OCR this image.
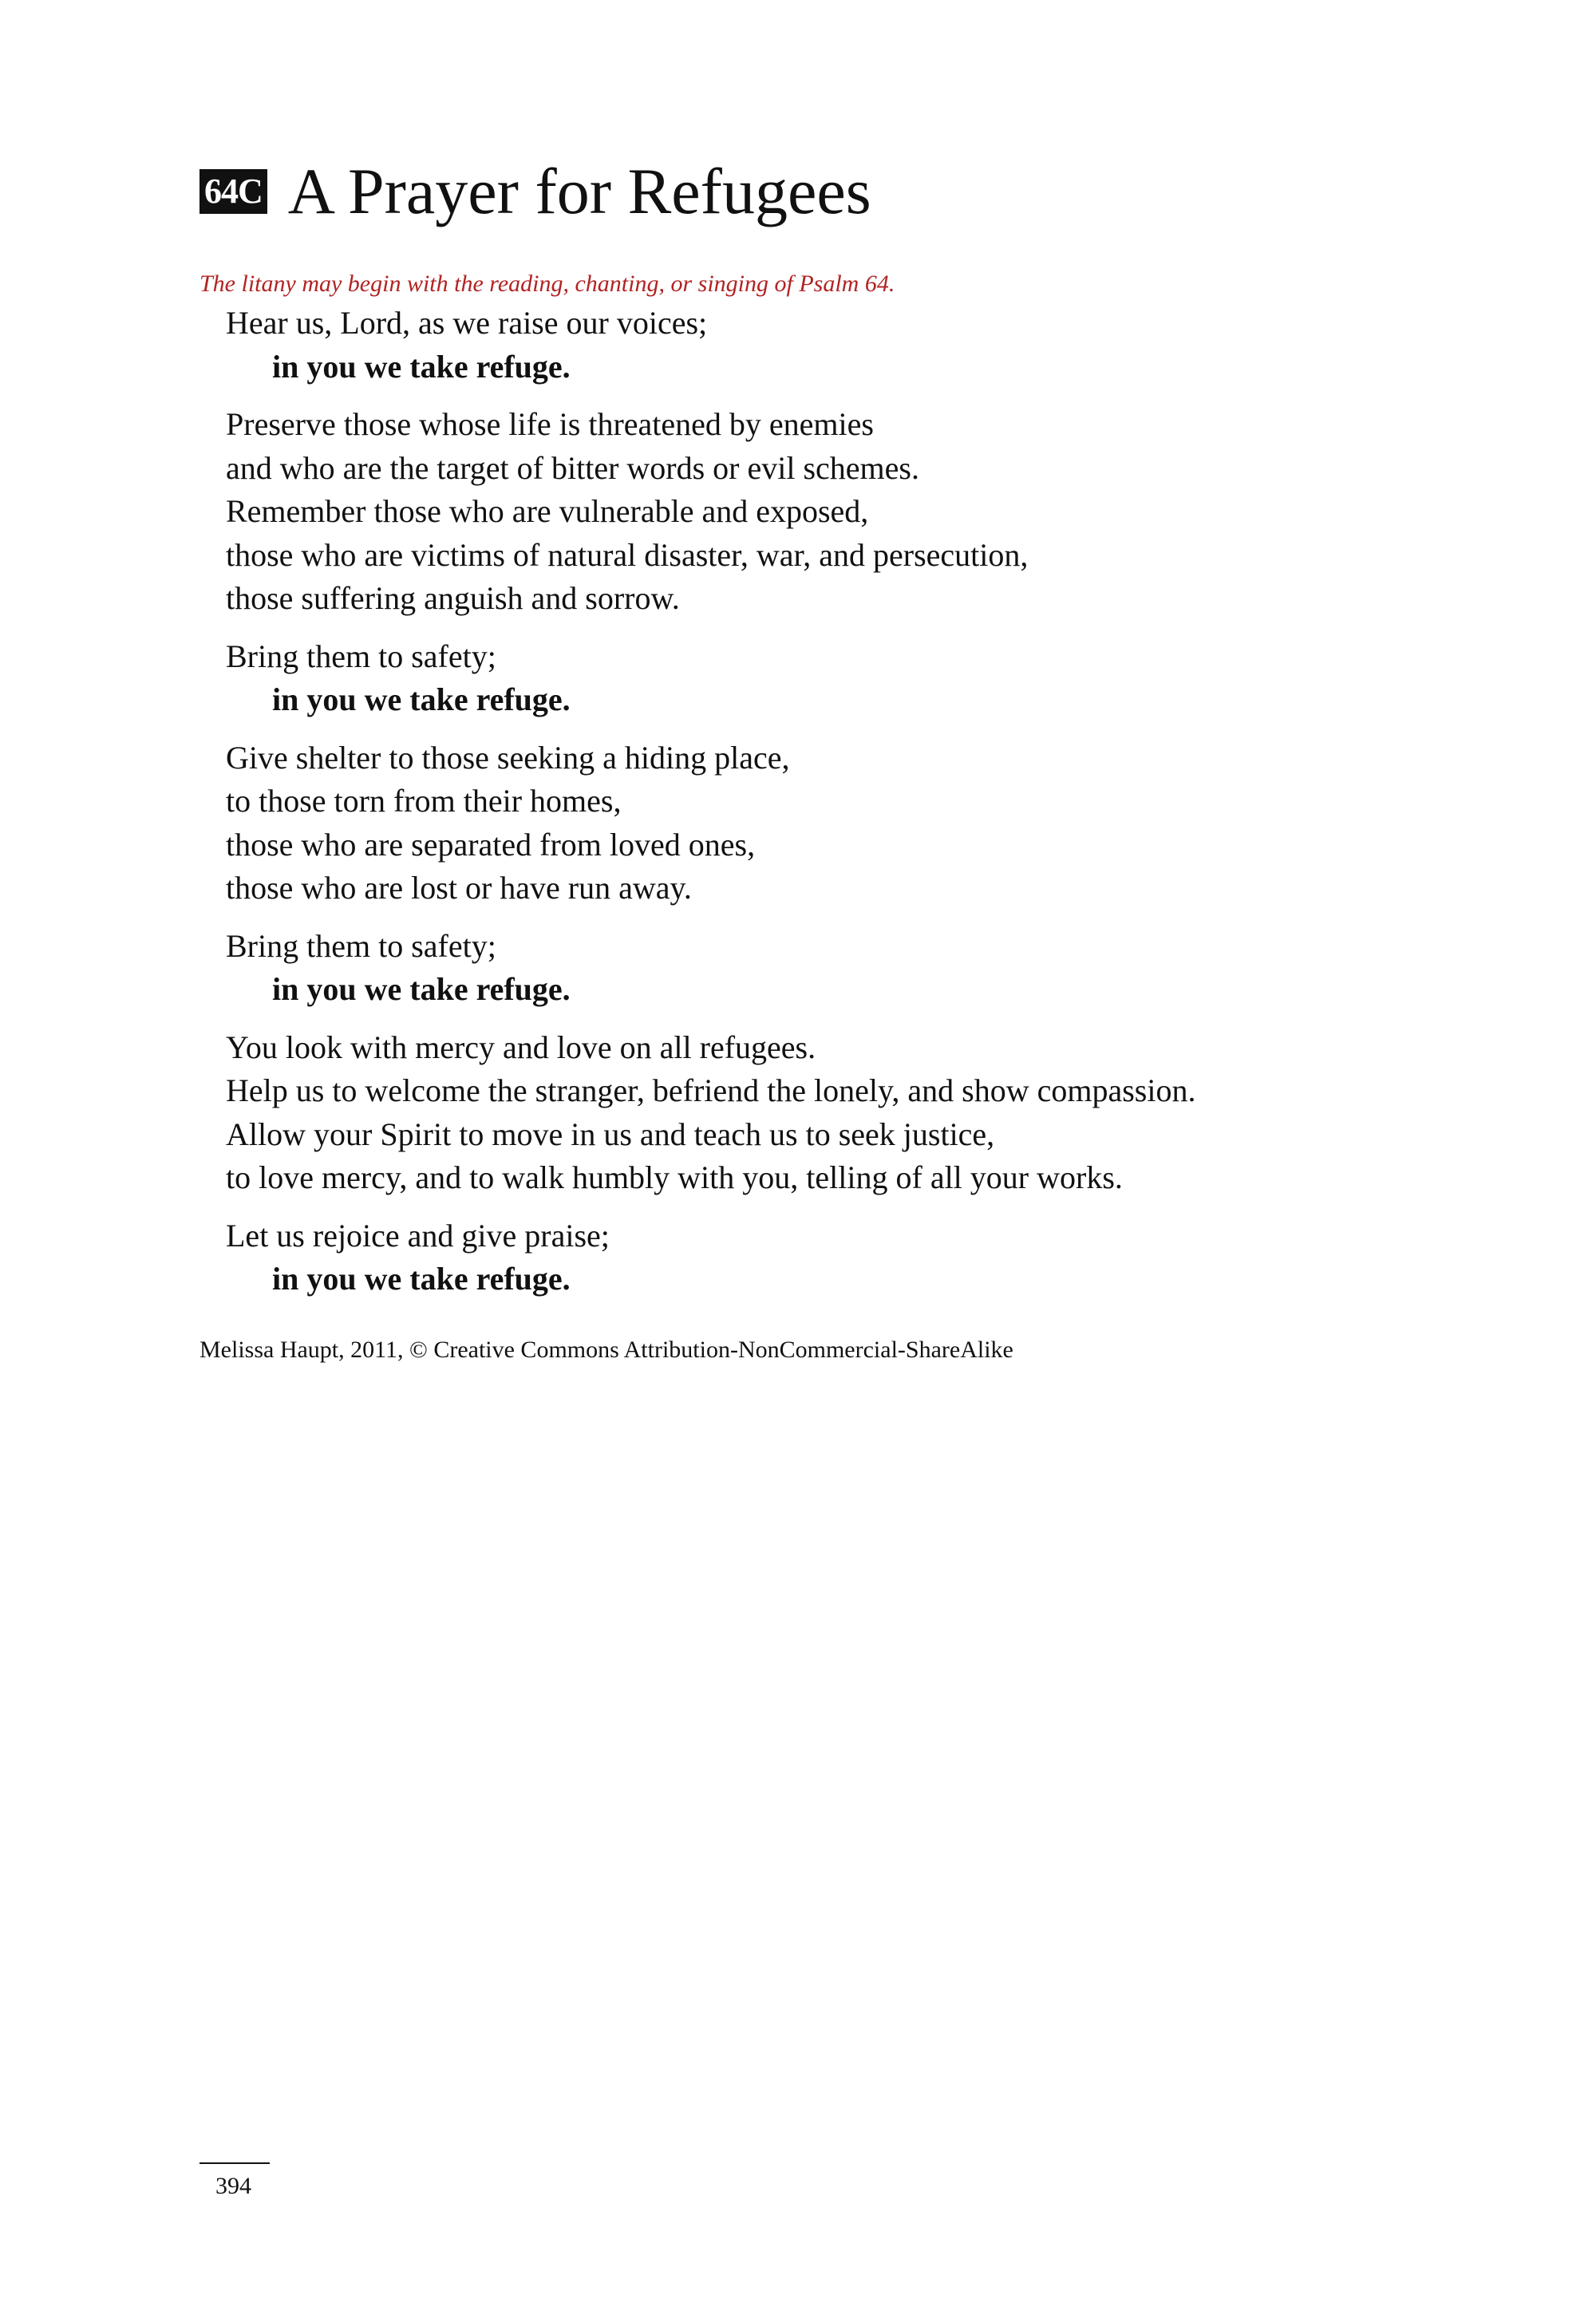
64C A Prayer for Refugees
The litany may begin with the reading, chanting, or singing of Psalm 64.
Hear us, Lord, as we raise our voices;
in you we take refuge.
Preserve those whose life is threatened by enemies
and who are the target of bitter words or evil schemes.
Remember those who are vulnerable and exposed,
those who are victims of natural disaster, war, and persecution,
those suffering anguish and sorrow.
Bring them to safety;
in you we take refuge.
Give shelter to those seeking a hiding place,
to those torn from their homes,
those who are separated from loved ones,
those who are lost or have run away.
Bring them to safety;
in you we take refuge.
You look with mercy and love on all refugees.
Help us to welcome the stranger, befriend the lonely, and show compassion.
Allow your Spirit to move in us and teach us to seek justice,
to love mercy, and to walk humbly with you, telling of all your works.
Let us rejoice and give praise;
in you we take refuge.
Melissa Haupt, 2011, © Creative Commons Attribution-NonCommercial-ShareAlike
394
